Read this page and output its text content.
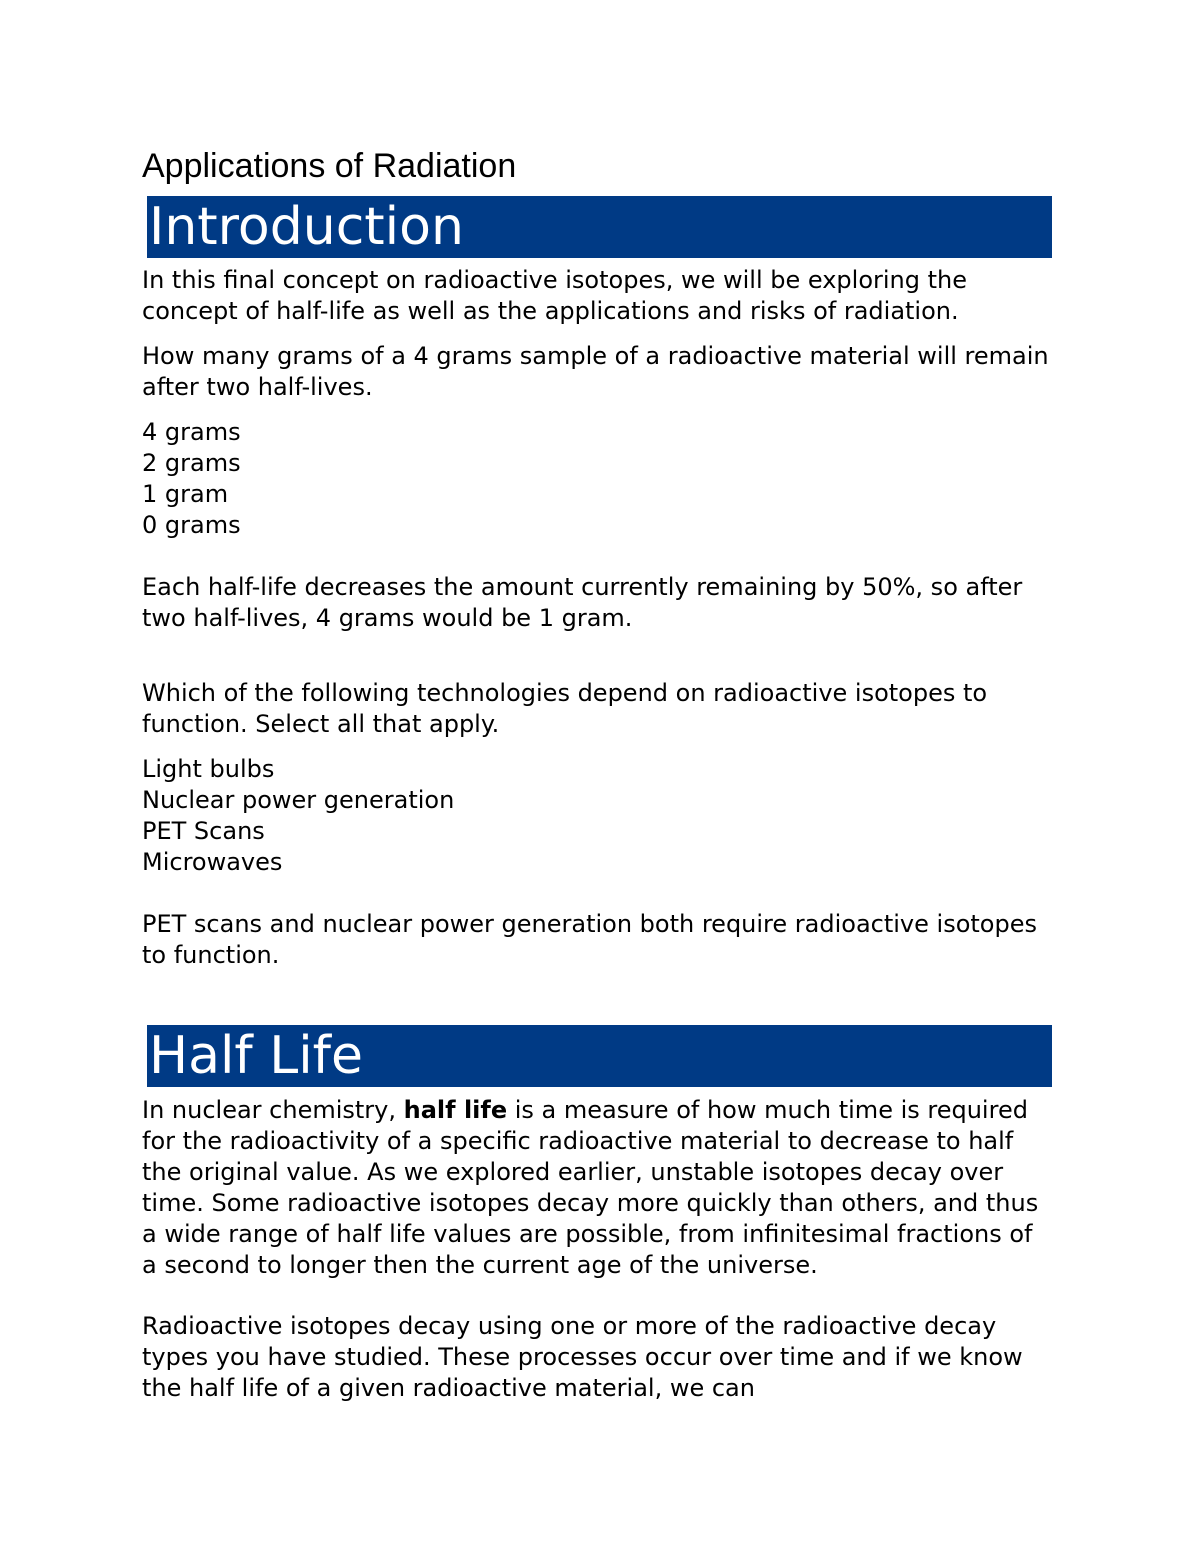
Applications of Radiation
Introduction
In this final concept on radioactive isotopes, we will be exploring the concept of half-life as well as the applications and risks of radiation.
How many grams of a 4 grams sample of a radioactive material will remain after two half-lives.
4 grams
2 grams
1 gram
0 grams
Each half-life decreases the amount currently remaining by 50%, so after two half-lives, 4 grams would be 1 gram.
Which of the following technologies depend on radioactive isotopes to function. Select all that apply.
Light bulbs
Nuclear power generation
PET Scans
Microwaves
PET scans and nuclear power generation both require radioactive isotopes to function.
Half Life
In nuclear chemistry, half life is a measure of how much time is required for the radioactivity of a specific radioactive material to decrease to half the original value. As we explored earlier, unstable isotopes decay over time. Some radioactive isotopes decay more quickly than others, and thus a wide range of half life values are possible, from infinitesimal fractions of a second to longer then the current age of the universe.
Radioactive isotopes decay using one or more of the radioactive decay types you have studied. These processes occur over time and if we know the half life of a given radioactive material, we can
